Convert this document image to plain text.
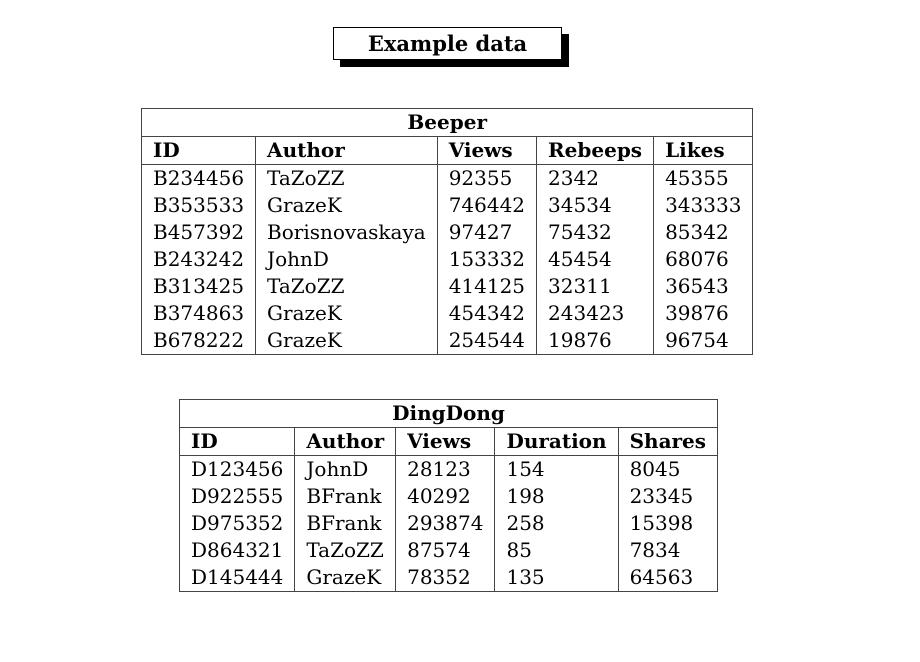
Example data
Beeper				
ID	Author	Views	Rebeeps	Likes
B234456	TaZoZZ	92355	2342	45355
B353533	GrazeK	746442	34534	343333
B457392	Borisnovaskaya	97427	75432	85342
B243242	JohnD	153332	45454	68076
B313425	TaZoZZ	414125	32311	36543
B374863	GrazeK	454342	243423	39876
B678222	GrazeK	254544	19876	96754
DingDong				
ID	Author	Views	Duration	Shares
D123456	JohnD	28123	154	8045
D922555	BFrank	40292	198	23345
D975352	BFrank	293874	258	15398
D864321	TaZoZZ	87574	85	7834
D145444	GrazeK	78352	135	64563
